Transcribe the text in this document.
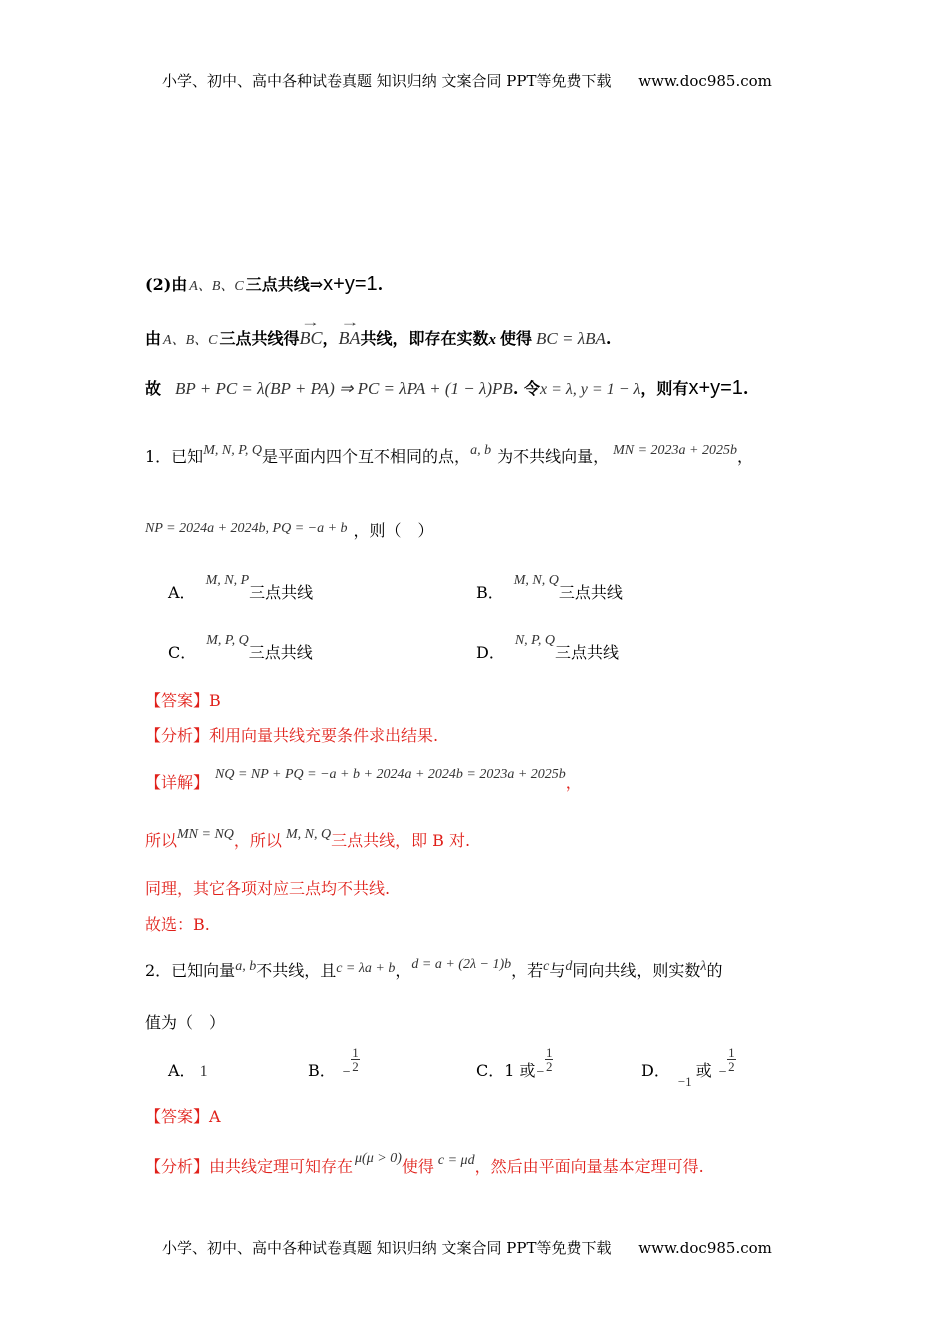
小学、初中、高中各种试卷真题 知识归纳 文案合同 PPT等免费下载 www.doc985.com
(2)由 A、B、C 三点共线⇒x+y=1.
由 A、B、C 三点共线得→ BC，→ BA共线，即存在实数x 使得 BC = λBA.
故 BP + PC = λ(BP + PA) ⇒ PC = λPA + (1 − λ)PB. 令x = λ, y = 1 − λ，则有x+y=1.
1．已知M, N, P, Q是平面内四个互不相同的点，a, b 为不共线向量， MN = 2023a + 2025b，
NP = 2024a + 2024b, PQ = −a + b ，则（　）
A．M, N, P三点共线	B．M, N, Q三点共线
C．M, P, Q三点共线	D．N, P, Q三点共线
【答案】B
【分析】利用向量共线充要条件求出结果.
【详解】 NQ = NP + PQ = −a + b + 2024a + 2024b = 2023a + 2025b，
所以MN = NQ，所以 M, N, Q三点共线，即 B 对.
同理，其它各项对应三点均不共线.
故选：B.
2．已知向量a, b不共线，且c = λa + b，d = a + (2λ − 1)b，若c与d同向共线，则实数λ的
值为（　）
A． 1	B． − $\frac{1}{2}$	C．1 或− $\frac{1}{2}$	D．$_{-1}$或 − $\frac{1}{2}$
【答案】A
【分析】由共线定理可知存在 μ(μ > 0)使得 c = μd，然后由平面向量基本定理可得.
小学、初中、高中各种试卷真题 知识归纳 文案合同 PPT等免费下载 www.doc985.com
